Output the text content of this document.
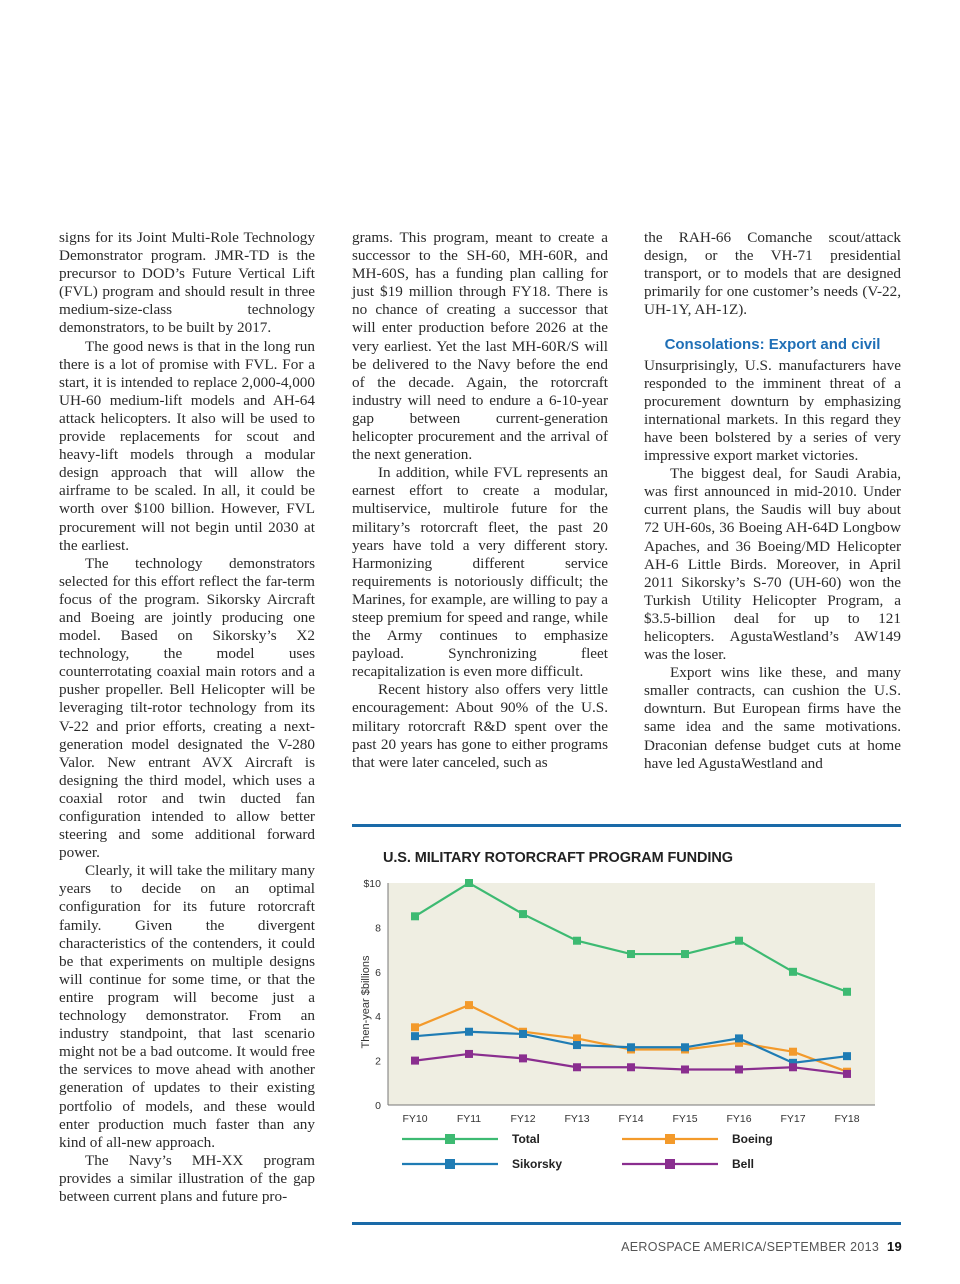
signs for its Joint Multi-Role Technology Demonstrator program. JMR-TD is the precursor to DOD’s Future Vertical Lift (FVL) program and should result in three medium-size-class technology demonstrators, to be built by 2017.

The good news is that in the long run there is a lot of promise with FVL. For a start, it is intended to replace 2,000-4,000 UH-60 medium-lift models and AH-64 attack helicopters. It also will be used to provide replacements for scout and heavy-lift models through a modular design approach that will allow the airframe to be scaled. In all, it could be worth over $100 billion. However, FVL procurement will not begin until 2030 at the earliest.

The technology demonstrators selected for this effort reflect the far-term focus of the program. Sikorsky Aircraft and Boeing are jointly producing one model. Based on Sikorsky’s X2 technology, the model uses counterrotating coaxial main rotors and a pusher propeller. Bell Helicopter will be leveraging tilt-rotor technology from its V-22 and prior efforts, creating a next-generation model designated the V-280 Valor. New entrant AVX Aircraft is designing the third model, which uses a coaxial rotor and twin ducted fan configuration intended to allow better steering and some additional forward power.

Clearly, it will take the military many years to decide on an optimal configuration for its future rotorcraft family. Given the divergent characteristics of the contenders, it could be that experiments on multiple designs will continue for some time, or that the entire program will become just a technology demonstrator. From an industry standpoint, that last scenario might not be a bad outcome. It would free the services to move ahead with another generation of updates to their existing portfolio of models, and these would enter production much faster than any kind of all-new approach.

The Navy’s MH-XX program provides a similar illustration of the gap between current plans and future pro-

grams. This program, meant to create a successor to the SH-60, MH-60R, and MH-60S, has a funding plan calling for just $19 million through FY18. There is no chance of creating a successor that will enter production before 2026 at the very earliest. Yet the last MH-60R/S will be delivered to the Navy before the end of the decade. Again, the rotorcraft industry will need to endure a 6-10-year gap between current-generation helicopter procurement and the arrival of the next generation.

In addition, while FVL represents an earnest effort to create a modular, multiservice, multirole future for the military’s rotorcraft fleet, the past 20 years have told a very different story. Harmonizing different service requirements is notoriously difficult; the Marines, for example, are willing to pay a steep premium for speed and range, while the Army continues to emphasize payload. Synchronizing fleet recapitalization is even more difficult.

Recent history also offers very little encouragement: About 90% of the U.S. military rotorcraft R&D spent over the past 20 years has gone to either programs that were later canceled, such as

the RAH-66 Comanche scout/attack design, or the VH-71 presidential transport, or to models that are designed primarily for one customer’s needs (V-22, UH-1Y, AH-1Z).

Consolations: Export and civil

Unsurprisingly, U.S. manufacturers have responded to the imminent threat of a procurement downturn by emphasizing international markets. In this regard they have been bolstered by a series of very impressive export market victories.

The biggest deal, for Saudi Arabia, was first announced in mid-2010. Under current plans, the Saudis will buy about 72 UH-60s, 36 Boeing AH-64D Longbow Apaches, and 36 Boeing/MD Helicopter AH-6 Little Birds. Moreover, in April 2011 Sikorsky’s S-70 (UH-60) won the Turkish Utility Helicopter Program, a $3.5-billion deal for up to 121 helicopters. AgustaWestland’s AW149 was the loser.

Export wins like these, and many smaller contracts, can cushion the U.S. downturn. But European firms have the same idea and the same motivations. Draconian defense budget cuts at home have led AgustaWestland and

U.S. MILITARY ROTORCRAFT PROGRAM FUNDING
0
2
4
6
8
$10
FY10	FY11	FY12	FY13	FY14	FY15	FY16	FY17	FY18
Then-year $billions
Total	Boeing
Sikorsky	Bell
AEROSPACE AMERICA/SEPTEMBER 2013 19
